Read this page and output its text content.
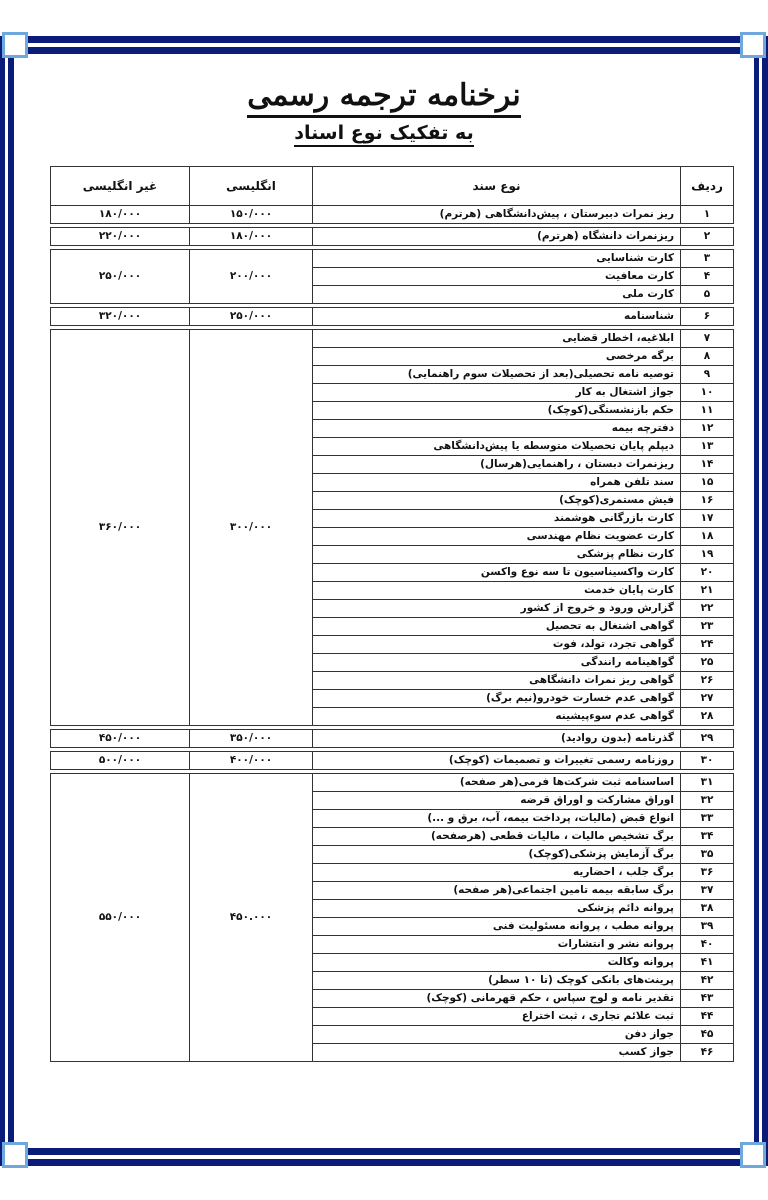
نرخنامه ترجمه رسمی
به تفکیک نوع اسناد
ردیف	نوع سند	انگلیسی	غیر انگلیسی
۱	ریز نمرات دبیرستان ، پیش‌دانشگاهی (هرترم)	۱۵۰/۰۰۰	۱۸۰/۰۰۰

۲	ریزنمرات دانشگاه (هرترم)	۱۸۰/۰۰۰	۲۲۰/۰۰۰

۳	کارت شناسایی	۲۰۰/۰۰۰	۲۵۰/۰۰۰
۴	کارت معافیت		
۵	کارت ملی		

۶	شناسنامه	۲۵۰/۰۰۰	۳۲۰/۰۰۰

۷	ابلاغیه، اخطار قضایی	۳۰۰/۰۰۰	۳۶۰/۰۰۰
۸	برگه مرخصی		
۹	توصیه نامه تحصیلی(بعد از تحصیلات سوم راهنمایی)		
۱۰	جواز اشتغال به کار		
۱۱	حکم بازنشستگی(کوچک)		
۱۲	دفترچه بیمه		
۱۳	دیپلم پایان تحصیلات متوسطه یا پیش‌دانشگاهی		
۱۴	ریزنمرات دبستان ، راهنمایی(هرسال)		
۱۵	سند تلفن همراه		
۱۶	فیش مستمری(کوچک)		
۱۷	کارت بازرگانی هوشمند		
۱۸	کارت عضویت نظام مهندسی		
۱۹	کارت نظام پزشکی		
۲۰	کارت واکسیناسیون تا سه نوع واکسن		
۲۱	کارت پایان خدمت		
۲۲	گزارش ورود و خروج از کشور		
۲۳	گواهی اشتغال به تحصیل		
۲۴	گواهی تجرد، تولد، فوت		
۲۵	گواهینامه رانندگی		
۲۶	گواهی ریز نمرات دانشگاهی		
۲۷	گواهی عدم خسارت خودرو(نیم برگ)		
۲۸	گواهی عدم سوءپیشینه		

۲۹	گذرنامه (بدون روادید)	۳۵۰/۰۰۰	۴۵۰/۰۰۰

۳۰	روزنامه رسمی تغییرات و تصمیمات (کوچک)	۴۰۰/۰۰۰	۵۰۰/۰۰۰

۳۱	اساسنامه ثبت شرکت‌ها فرمی(هر صفحه)	۴۵۰.۰۰۰	۵۵۰/۰۰۰
۳۲	اوراق مشارکت و اوراق قرضه		
۳۳	انواع قبض (مالیات، پرداخت بیمه، آب، برق و ...)		
۳۴	برگ تشخیص مالیات ، مالیات قطعی (هرصفحه)		
۳۵	برگ آزمایش پزشکی(کوچک)		
۳۶	برگ جلب ، احضاریه		
۳۷	برگ سابقه بیمه تامین اجتماعی(هر صفحه)		
۳۸	پروانه دائم پزشکی		
۳۹	پروانه مطب ، پروانه مسئولیت فنی		
۴۰	پروانه نشر و انتشارات		
۴۱	پروانه وکالت		
۴۲	پرینت‌های بانکی کوچک (تا ۱۰ سطر)		
۴۳	تقدیر نامه و لوح سپاس ، حکم قهرمانی (کوچک)		
۴۴	ثبت علائم تجاری ، ثبت اختراع		
۴۵	جواز دفن		
۴۶	جواز کسب		
